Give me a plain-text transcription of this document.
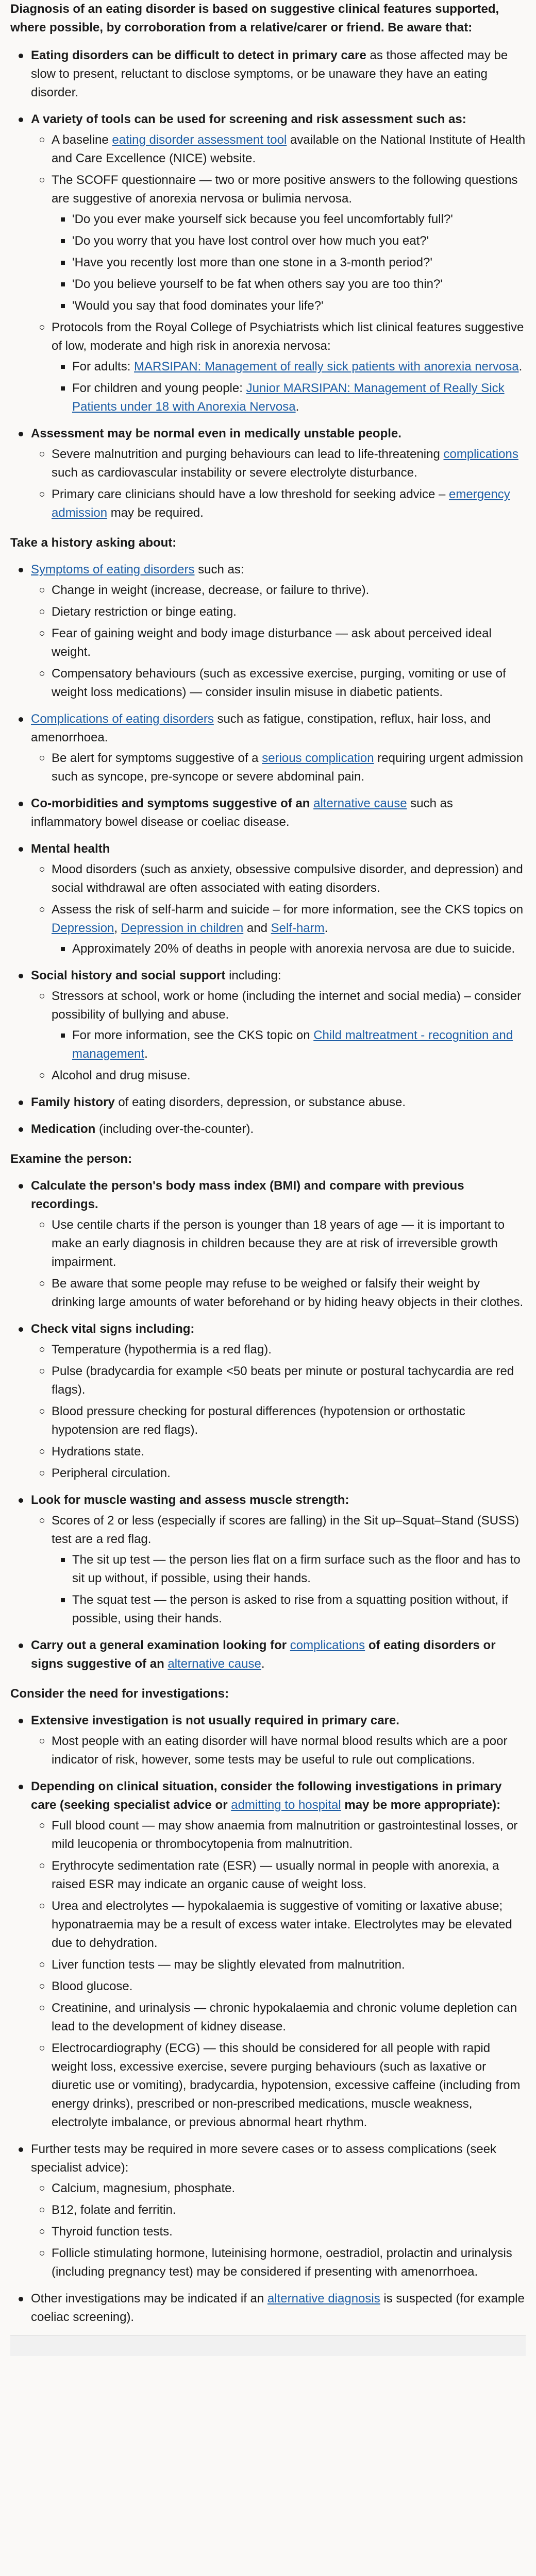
Diagnosis of an eating disorder is based on suggestive clinical features supported, where possible, by corroboration from a relative/carer or friend. Be aware that:

Eating disorders can be difficult to detect in primary care as those affected may be slow to present, reluctant to disclose symptoms, or be unaware they have an eating disorder.
A variety of tools can be used for screening and risk assessment such as:
A baseline eating disorder assessment tool available on the National Institute of Health and Care Excellence (NICE) website.
The SCOFF questionnaire — two or more positive answers to the following questions are suggestive of anorexia nervosa or bulimia nervosa.
'Do you ever make yourself sick because you feel uncomfortably full?'
'Do you worry that you have lost control over how much you eat?'
'Have you recently lost more than one stone in a 3-month period?'
'Do you believe yourself to be fat when others say you are too thin?'
'Would you say that food dominates your life?'
Protocols from the Royal College of Psychiatrists which list clinical features suggestive of low, moderate and high risk in anorexia nervosa:
For adults: MARSIPAN: Management of really sick patients with anorexia nervosa.
For children and young people: Junior MARSIPAN: Management of Really Sick Patients under 18 with Anorexia Nervosa.
Assessment may be normal even in medically unstable people.
Severe malnutrition and purging behaviours can lead to life-threatening complications such as cardiovascular instability or severe electrolyte disturbance.
Primary care clinicians should have a low threshold for seeking advice – emergency admission may be required.

Take a history asking about:

Symptoms of eating disorders such as:
Change in weight (increase, decrease, or failure to thrive).
Dietary restriction or binge eating.
Fear of gaining weight and body image disturbance — ask about perceived ideal weight.
Compensatory behaviours (such as excessive exercise, purging, vomiting or use of weight loss medications) — consider insulin misuse in diabetic patients.
Complications of eating disorders such as fatigue, constipation, reflux, hair loss, and amenorrhoea.
Be alert for symptoms suggestive of a serious complication requiring urgent admission such as syncope, pre-syncope or severe abdominal pain.
Co-morbidities and symptoms suggestive of an alternative cause such as inflammatory bowel disease or coeliac disease.
Mental health
Mood disorders (such as anxiety, obsessive compulsive disorder, and depression) and social withdrawal are often associated with eating disorders.
Assess the risk of self-harm and suicide – for more information, see the CKS topics on Depression, Depression in children and Self-harm.
Approximately 20% of deaths in people with anorexia nervosa are due to suicide.
Social history and social support including:
Stressors at school, work or home (including the internet and social media) – consider possibility of bullying and abuse.
For more information, see the CKS topic on Child maltreatment - recognition and management.
Alcohol and drug misuse.
Family history of eating disorders, depression, or substance abuse.
Medication (including over-the-counter).

Examine the person:

Calculate the person's body mass index (BMI) and compare with previous recordings.
Use centile charts if the person is younger than 18 years of age — it is important to make an early diagnosis in children because they are at risk of irreversible growth impairment.
Be aware that some people may refuse to be weighed or falsify their weight by drinking large amounts of water beforehand or by hiding heavy objects in their clothes.
Check vital signs including:
Temperature (hypothermia is a red flag).
Pulse (bradycardia for example <50 beats per minute or postural tachycardia are red flags).
Blood pressure checking for postural differences (hypotension or orthostatic hypotension are red flags).
Hydrations state.
Peripheral circulation.
Look for muscle wasting and assess muscle strength:
Scores of 2 or less (especially if scores are falling) in the Sit up–Squat–Stand (SUSS) test are a red flag.
The sit up test — the person lies flat on a firm surface such as the floor and has to sit up without, if possible, using their hands.
The squat test — the person is asked to rise from a squatting position without, if possible, using their hands.
Carry out a general examination looking for complications of eating disorders or signs suggestive of an alternative cause.

Consider the need for investigations:

Extensive investigation is not usually required in primary care.
Most people with an eating disorder will have normal blood results which are a poor indicator of risk, however, some tests may be useful to rule out complications.
Depending on clinical situation, consider the following investigations in primary care (seeking specialist advice or admitting to hospital may be more appropriate):
Full blood count — may show anaemia from malnutrition or gastrointestinal losses, or mild leucopenia or thrombocytopenia from malnutrition.
Erythrocyte sedimentation rate (ESR) — usually normal in people with anorexia, a raised ESR may indicate an organic cause of weight loss.
Urea and electrolytes — hypokalaemia is suggestive of vomiting or laxative abuse; hyponatraemia may be a result of excess water intake. Electrolytes may be elevated due to dehydration.
Liver function tests — may be slightly elevated from malnutrition.
Blood glucose.
Creatinine, and urinalysis — chronic hypokalaemia and chronic volume depletion can lead to the development of kidney disease.
Electrocardiography (ECG) — this should be considered for all people with rapid weight loss, excessive exercise, severe purging behaviours (such as laxative or diuretic use or vomiting), bradycardia, hypotension, excessive caffeine (including from energy drinks), prescribed or non-prescribed medications, muscle weakness, electrolyte imbalance, or previous abnormal heart rhythm.
Further tests may be required in more severe cases or to assess complications (seek specialist advice):
Calcium, magnesium, phosphate.
B12, folate and ferritin.
Thyroid function tests.
Follicle stimulating hormone, luteinising hormone, oestradiol, prolactin and urinalysis (including pregnancy test) may be considered if presenting with amenorrhoea.
Other investigations may be indicated if an alternative diagnosis is suspected (for example coeliac screening).
